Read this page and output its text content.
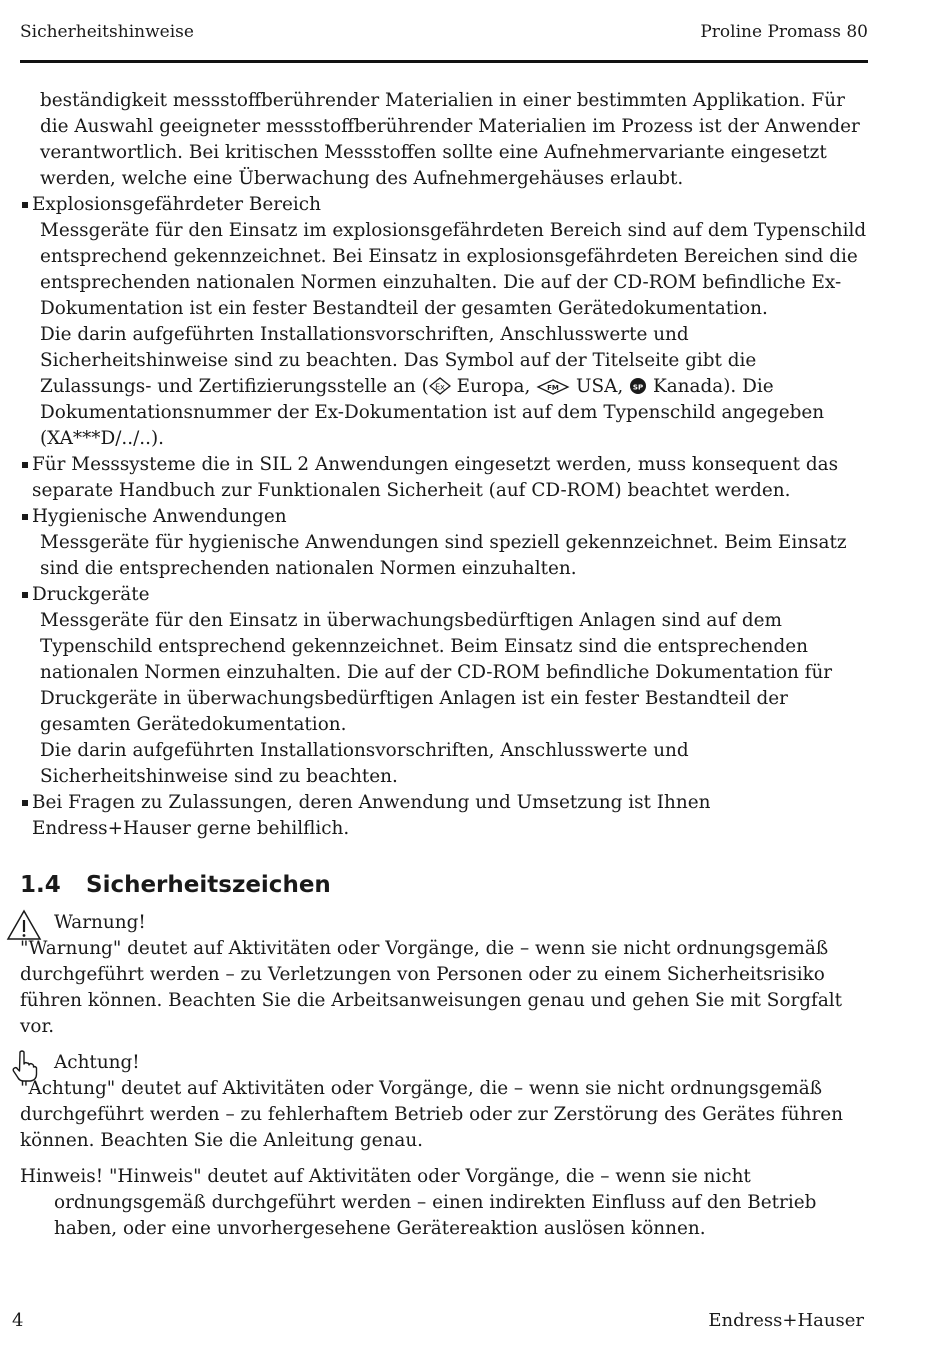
Sicherheitshinweise	Proline Promass 80

beständigkeit messstoffberührender Materialien in einer bestimmten Applikation. Für die Auswahl geeigneter messstoffberührender Materialien im Prozess ist der Anwender verantwortlich. Bei kritischen Messstoffen sollte eine Aufnehmervariante eingesetzt werden, welche eine Überwachung des Aufnehmergehäuses erlaubt.

Explosionsgefährdeter Bereich

Messgeräte für den Einsatz im explosionsgefährdeten Bereich sind auf dem Typenschild entsprechend gekennzeichnet. Bei Einsatz in explosionsgefährdeten Bereichen sind die entsprechenden nationalen Normen einzuhalten. Die auf der CD-ROM befindliche Ex-Dokumentation ist ein fester Bestandteil der gesamten Gerätedokumentation.

Die darin aufgeführten Installationsvorschriften, Anschlusswerte und Sicherheitshinweise sind zu beachten. Das Symbol auf der Titelseite gibt die Zulassungs- und Zertifizierungsstelle an ( Ex Europa, FM USA, SP Kanada). Die Dokumentationsnummer der Ex-Dokumentation ist auf dem Typenschild angegeben (XA***D/../..).

Für Messsysteme die in SIL 2 Anwendungen eingesetzt werden, muss konsequent das separate Handbuch zur Funktionalen Sicherheit (auf CD-ROM) beachtet werden.

Hygienische Anwendungen

Messgeräte für hygienische Anwendungen sind speziell gekennzeichnet. Beim Einsatz sind die entsprechenden nationalen Normen einzuhalten.

Druckgeräte

Messgeräte für den Einsatz in überwachungsbedürftigen Anlagen sind auf dem Typenschild entsprechend gekennzeichnet. Beim Einsatz sind die entsprechenden nationalen Normen einzuhalten. Die auf der CD-ROM befindliche Dokumentation für Druckgeräte in überwachungsbedürftigen Anlagen ist ein fester Bestandteil der gesamten Gerätedokumentation.

Die darin aufgeführten Installationsvorschriften, Anschlusswerte und Sicherheitshinweise sind zu beachten.

Bei Fragen zu Zulassungen, deren Anwendung und Umsetzung ist Ihnen Endress+Hauser gerne behilflich.

1.4 Sicherheitszeichen
Warnung!

"Warnung" deutet auf Aktivitäten oder Vorgänge, die – wenn sie nicht ordnungsgemäß durchgeführt werden – zu Verletzungen von Personen oder zu einem Sicherheitsrisiko führen können. Beachten Sie die Arbeitsanweisungen genau und gehen Sie mit Sorgfalt vor.

Achtung!

"Achtung" deutet auf Aktivitäten oder Vorgänge, die – wenn sie nicht ordnungsgemäß durchgeführt werden – zu fehlerhaftem Betrieb oder zur Zerstörung des Gerätes führen können. Beachten Sie die Anleitung genau.

Hinweis! "Hinweis" deutet auf Aktivitäten oder Vorgänge, die – wenn sie nicht ordnungsgemäß durchgeführt werden – einen indirekten Einfluss auf den Betrieb haben, oder eine unvorhergesehene Gerätereaktion auslösen können.

4	Endress+Hauser
